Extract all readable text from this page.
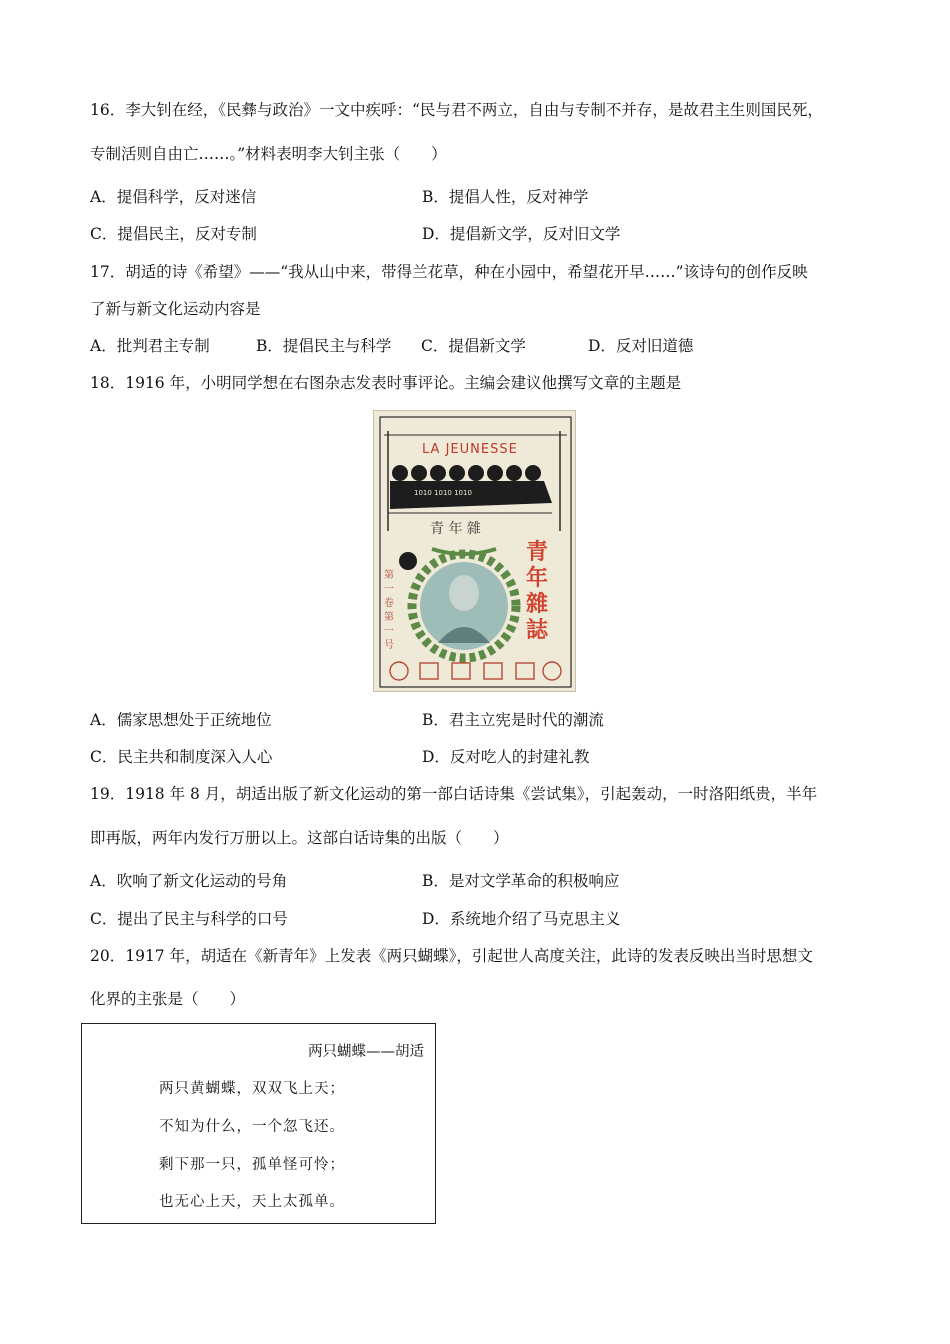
16．李大钊在经，《民彝与政治》一文中疾呼：“民与君不两立，自由与专制不并存，是故君主生则国民死，
专制活则自由亡……。”材料表明李大钊主张（　　）
A．提倡科学，反对迷信	B．提倡人性，反对神学
C．提倡民主，反对专制	D．提倡新文学，反对旧文学
17．胡适的诗《希望》——“我从山中来，带得兰花草，种在小园中，希望花开早……”该诗句的创作反映
了新与新文化运动内容是
A．批判君主专制	B．提倡民主与科学 C．提倡新文学	D．反对旧道德
18．1916 年，小明同学想在右图杂志发表时事评论。主编会建议他撰写文章的主题是
1010 1010 1010
青 年 雜
LA JEUNESSE
青年雜誌
第一卷 第一号
A．儒家思想处于正统地位	B．君主立宪是时代的潮流
C．民主共和制度深入人心	D．反对吃人的封建礼教
19．1918 年 8 月，胡适出版了新文化运动的第一部白话诗集《尝试集》，引起轰动，一时洛阳纸贵，半年
即再版，两年内发行万册以上。这部白话诗集的出版（　　）
A．吹响了新文化运动的号角	B．是对文学革命的积极响应
C．提出了民主与科学的口号	D．系统地介绍了马克思主义
20．1917 年，胡适在《新青年》上发表《两只蝴蝶》，引起世人高度关注，此诗的发表反映出当时思想文
化界的主张是（　　）
两只蝴蝶——胡适
两只黄蝴蝶，双双飞上天；
不知为什么，一个忽飞还。
剩下那一只，孤单怪可怜；
也无心上天，天上太孤单。
